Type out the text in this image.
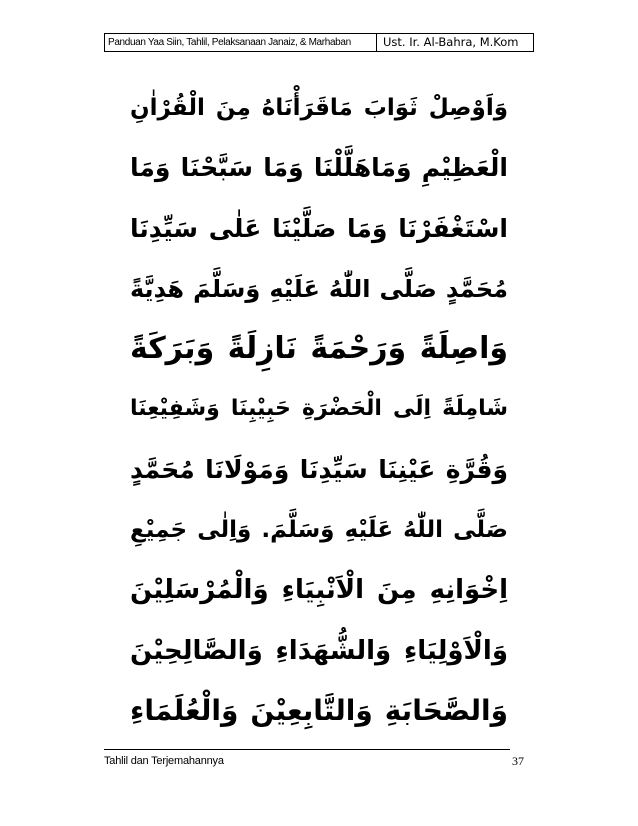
Panduan Yaa Siin, Tahlil, Pelaksanaan Janaiz, & Marhaban	Ust. Ir. Al-Bahra, M.Kom
وَاَوْصِلْ ثَوَابَ مَاقَرَأْنَاهُ مِنَ الْقُرْاٰنِ
الْعَظِيْمِ وَمَاهَلَّلْنَا وَمَا سَبَّحْنَا وَمَا
اسْتَغْفَرْنَا وَمَا صَلَّيْنَا عَلٰى سَيِّدِنَا
مُحَمَّدٍ صَلَّى اللّٰهُ عَلَيْهِ وَسَلَّمَ هَدِيَّةً
وَاصِلَةً وَرَحْمَةً نَازِلَةً وَبَرَكَةً
شَامِلَةً اِلَى الْحَضْرَةِ حَبِيْبِنَا وَشَفِيْعِنَا
وَقُرَّةِ عَيْنِنَا سَيِّدِنَا وَمَوْلَانَا مُحَمَّدٍ
صَلَّى اللّٰهُ عَلَيْهِ وَسَلَّمَ. وَاِلٰى جَمِيْعِ
اِخْوَانِهِ مِنَ الْاَنْبِيَاءِ وَالْمُرْسَلِيْنَ
وَالْاَوْلِيَاءِ وَالشُّهَدَاءِ وَالصَّالِحِيْنَ
وَالصَّحَابَةِ وَالتَّابِعِيْنَ وَالْعُلَمَاءِ
Tahlil dan Terjemahannya	37
